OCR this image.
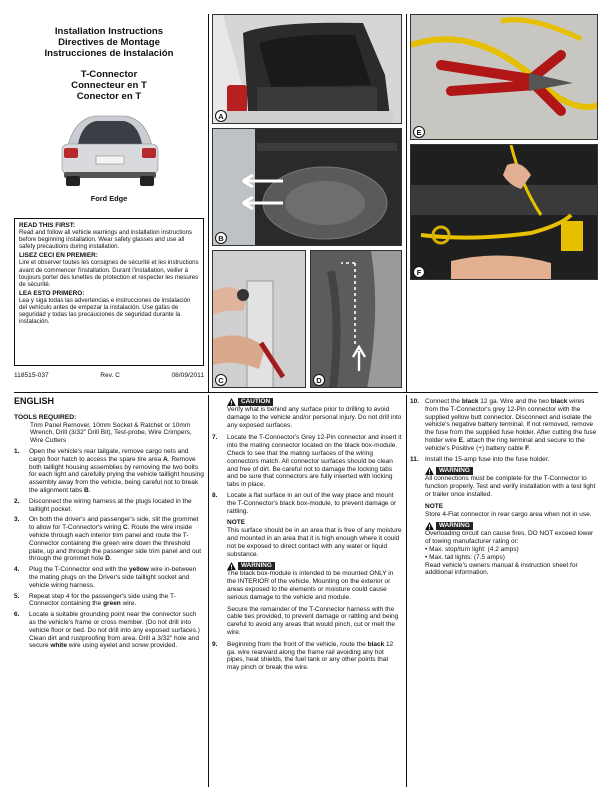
Installation Instructions
Directives de Montage
Instrucciones de Instalación
T-Connector
Connecteur en T
Conector en T
Ford Edge
READ THIS FIRST:
Read and follow all vehicle warnings and installation instructions before beginning installation. Wear safety glasses and use all safety precautions during installation.
LISEZ CECI EN PREMIER:
Lire et observer toutes les consignes de sécurité et les instructions avant de commencer l'installation. Durant l'installation, veiller à toujours porter des lunettes de protection et respecter les mesures de sécurité.
LEA ESTO PRIMERO:
Lea y siga todas las advertencias e instrucciones de instalación del vehículo antes de empezar la instalación. Use gafas de seguridad y todas las precauciones de seguridad durante la instalación.
118515-037	Rev. C	08/09/2011
A
B
C	D
E
F
ENGLISH
TOOLS REQUIRED:
Trim Panel Remover, 10mm Socket & Ratchet or 10mm Wrench, Drill (3/32" Drill Bit), Test-probe, Wire Crimpers, Wire Cutters
1.	Open the vehicle's rear tailgate, remove cargo nets and cargo floor hatch to access the spare tire area A. Remove both taillight housing assemblies by removing the two bolts for each light and carefully prying the vehicle taillight housing assembly away from the vehicle, being careful not to break the alignment tabs B.
2.	Disconnect the wiring harness at the plugs located in the taillight pocket.
3.	On both the driver's and passenger's side, slit the grommet to allow for T-Connector's wiring C. Route the wire inside vehicle through each interior trim panel and route the T-Connector containing the green wire down the threshold plate, up and through the passenger side trim panel and out through the grommet hole D.
4.	Plug the T-Connector end with the yellow wire in-between the mating plugs on the Driver's side taillight socket and vehicle wiring harness.
5.	Repeat step 4 for the passenger's side using the T-Connector containing the green wire.
6.	Locate a suitable grounding point near the connector such as the vehicle's frame or cross member. (Do not drill into vehicle floor or bed. Do not drill into any exposed surfaces.) Clean dirt and rustproofing from area. Drill a 3/32" hole and secure white wire using eyelet and screw provided.
CAUTION
Verify what is behind any surface prior to drilling to avoid damage to the vehicle and/or personal injury. Do not drill into any exposed surfaces.
7.	Locate the T-Connector's Grey 12-Pin connector and insert it into the mating connector located on the black box-module. Check to see that the mating surfaces of the wiring connectors match. All connector surfaces should be clean and free of dirt. Be careful not to damage the locking tabs and be sure that connectors are fully inserted with locking tabs in place.
8.	Locate a flat surface in an out of the way place and mount the T-Connector's black box-module, to prevent damage or rattling.
NOTE
This surface should be in an area that is free of any moisture and mounted in an area that it is high enough where it could not be exposed to direct contact with any water or liquid substance.
WARNING
The black box-module is intended to be mounted ONLY in the INTERIOR of the vehicle. Mounting on the exterior or areas exposed to the elements or moisture could cause serious damage to the vehicle and module.
Secure the remainder of the T-Connector harness with the cable ties provided, to prevent damage or rattling and being careful to avoid any areas that would pinch, cut or melt the wire.
9.	Beginning from the front of the vehicle, route the black 12 ga. wire rearward along the frame rail avoiding any hot pipes, heat shields, the fuel tank or any other points that may pinch or break the wire.
10. Connect the black 12 ga. Wire and the two black wires from the T-Connector's grey 12-Pin connector with the supplied yellow butt connector. Disconnect and isolate the vehicle's negative battery terminal. If not removed, remove the fuse from the supplied fuse holder. After cutting the fuse holder wire E, attach the ring terminal and secure to the vehicle's Positive (+) battery cable F.
11. Install the 15-amp fuse into the fuse holder.
WARNING
All connections must be complete for the T-Connector to function properly. Test and verify installation with a test light or trailer once installed.
NOTE
Store 4-Flat connector in rear cargo area when not in use.
WARNING
Overloading circuit can cause fires. DO NOT exceed lower of towing manufacturer rating or:
• Max. stop/turn light: (4.2 amps)
• Max. tail lights: (7.5 amps)
Read vehicle's owners manual & instruction sheet for additional information.
